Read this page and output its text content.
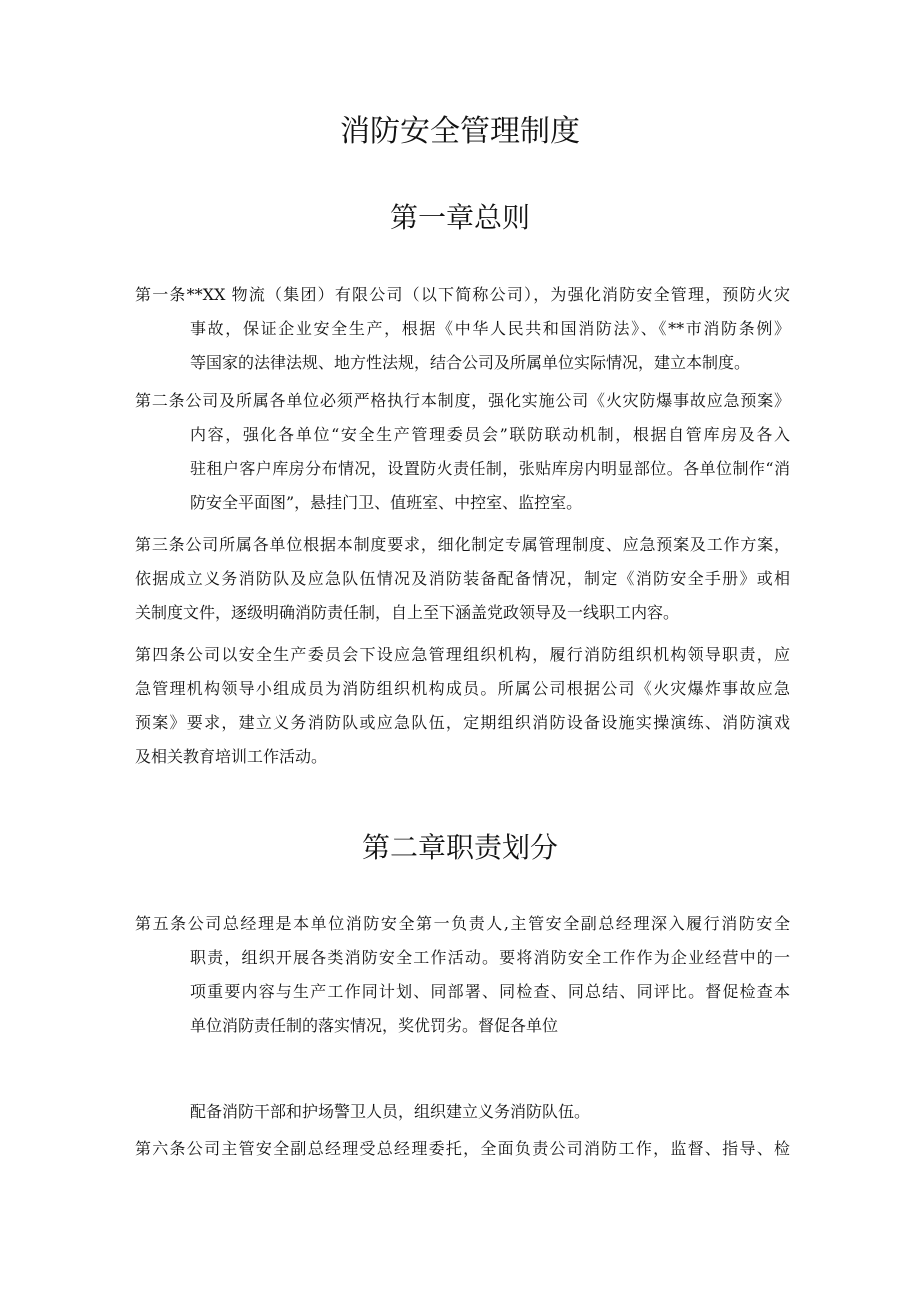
消防安全管理制度
第一章总则
第一条**XX 物流（集团）有限公司（以下简称公司），为强化消防安全管理，预防火灾
事故，保证企业安全生产，根据《中华人民共和国消防法》、《**市消防条例》
等国家的法律法规、地方性法规，结合公司及所属单位实际情况，建立本制度。
第二条公司及所属各单位必须严格执行本制度，强化实施公司《火灾防爆事故应急预案》
内容，强化各单位“安全生产管理委员会”联防联动机制，根据自管库房及各入
驻租户客户库房分布情况，设置防火责任制，张贴库房内明显部位。各单位制作“消
防安全平面图”，悬挂门卫、值班室、中控室、监控室。
第三条公司所属各单位根据本制度要求，细化制定专属管理制度、应急预案及工作方案，
依据成立义务消防队及应急队伍情况及消防装备配备情况，制定《消防安全手册》或相
关制度文件，逐级明确消防责任制，自上至下涵盖党政领导及一线职工内容。
第四条公司以安全生产委员会下设应急管理组织机构，履行消防组织机构领导职责，应
急管理机构领导小组成员为消防组织机构成员。所属公司根据公司《火灾爆炸事故应急
预案》要求，建立义务消防队或应急队伍，定期组织消防设备设施实操演练、消防演戏
及相关教育培训工作活动。
第二章职责划分
第五条公司总经理是本单位消防安全第一负责人,主管安全副总经理深入履行消防安全
职责，组织开展各类消防安全工作活动。要将消防安全工作作为企业经营中的一
项重要内容与生产工作同计划、同部署、同检查、同总结、同评比。督促检查本
单位消防责任制的落实情况，奖优罚劣。督促各单位
配备消防干部和护场警卫人员，组织建立义务消防队伍。
第六条公司主管安全副总经理受总经理委托，全面负责公司消防工作，监督、指导、检
